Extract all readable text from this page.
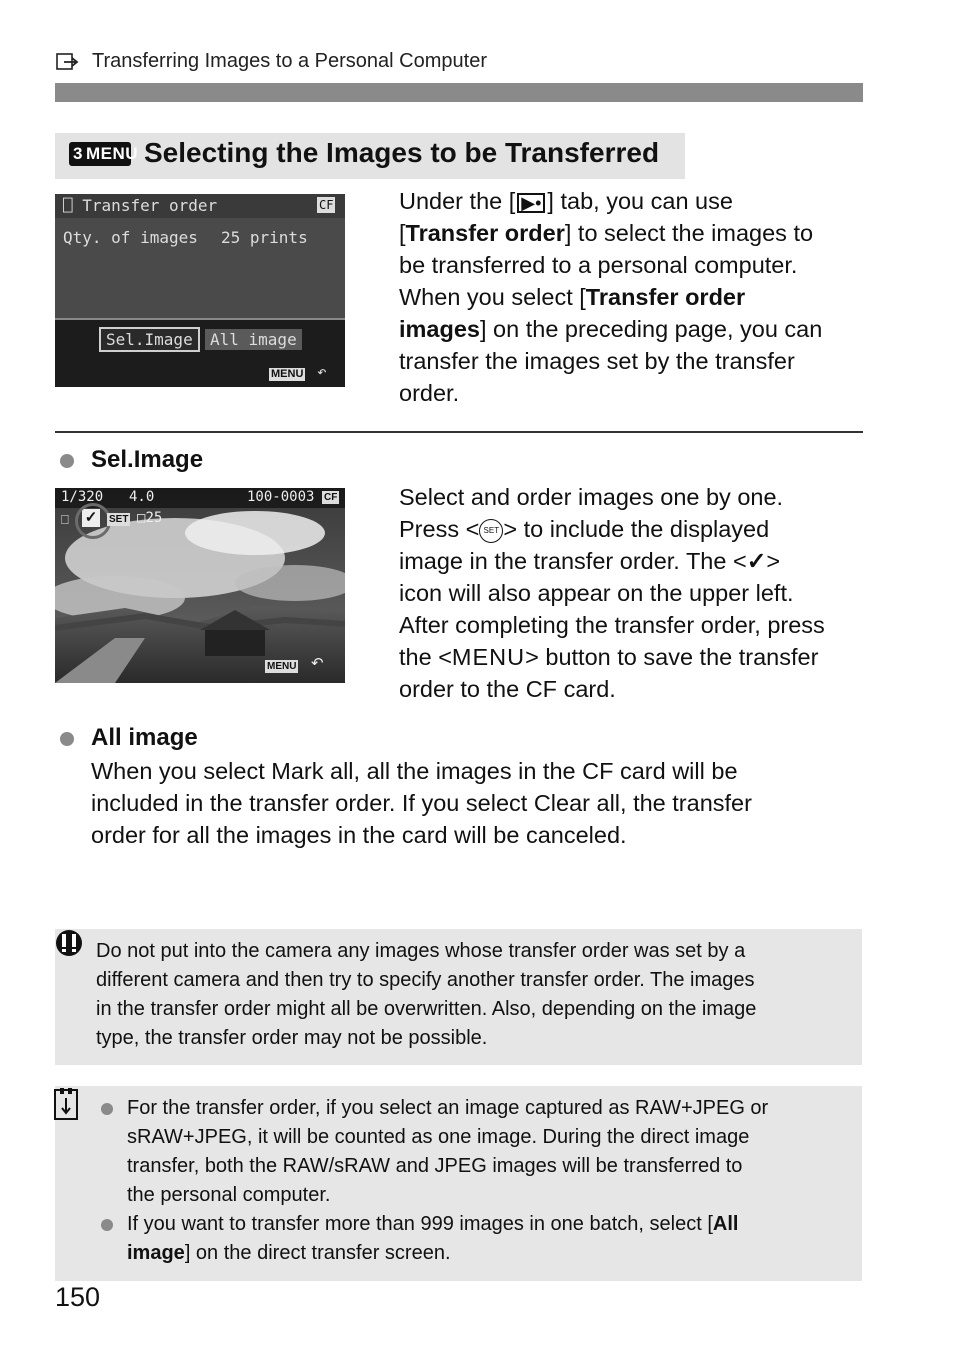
Transferring Images to a Personal Computer
3 MENU Selecting the Images to be Transferred
⎕ Transfer order	CF
Qty. of images 25 prints
Sel.Image	All image
MENU ↶
Under the [ ▶• ] tab, you can use
[Transfer order] to select the images to
be transferred to a personal computer.
When you select [Transfer order
images] on the preceding page, you can
transfer the images set by the transfer
order.
Sel.Image
1/320 4.0	100-0003 CF
⎕ ✓ SET □25
MENU ↶
Select and order images one by one.
Press < SET > to include the displayed
image in the transfer order. The <✓>
icon will also appear on the upper left.
After completing the transfer order, press
the <MENU> button to save the transfer
order to the CF card.
All image
When you select Mark all, all the images in the CF card will be
included in the transfer order. If you select Clear all, the transfer
order for all the images in the card will be canceled.
Do not put into the camera any images whose transfer order was set by a
different camera and then try to specify another transfer order. The images
in the transfer order might all be overwritten. Also, depending on the image
type, the transfer order may not be possible.
For the transfer order, if you select an image captured as RAW+JPEG or
sRAW+JPEG, it will be counted as one image. During the direct image
transfer, both the RAW/sRAW and JPEG images will be transferred to
the personal computer.
If you want to transfer more than 999 images in one batch, select [All
image] on the direct transfer screen.
150
